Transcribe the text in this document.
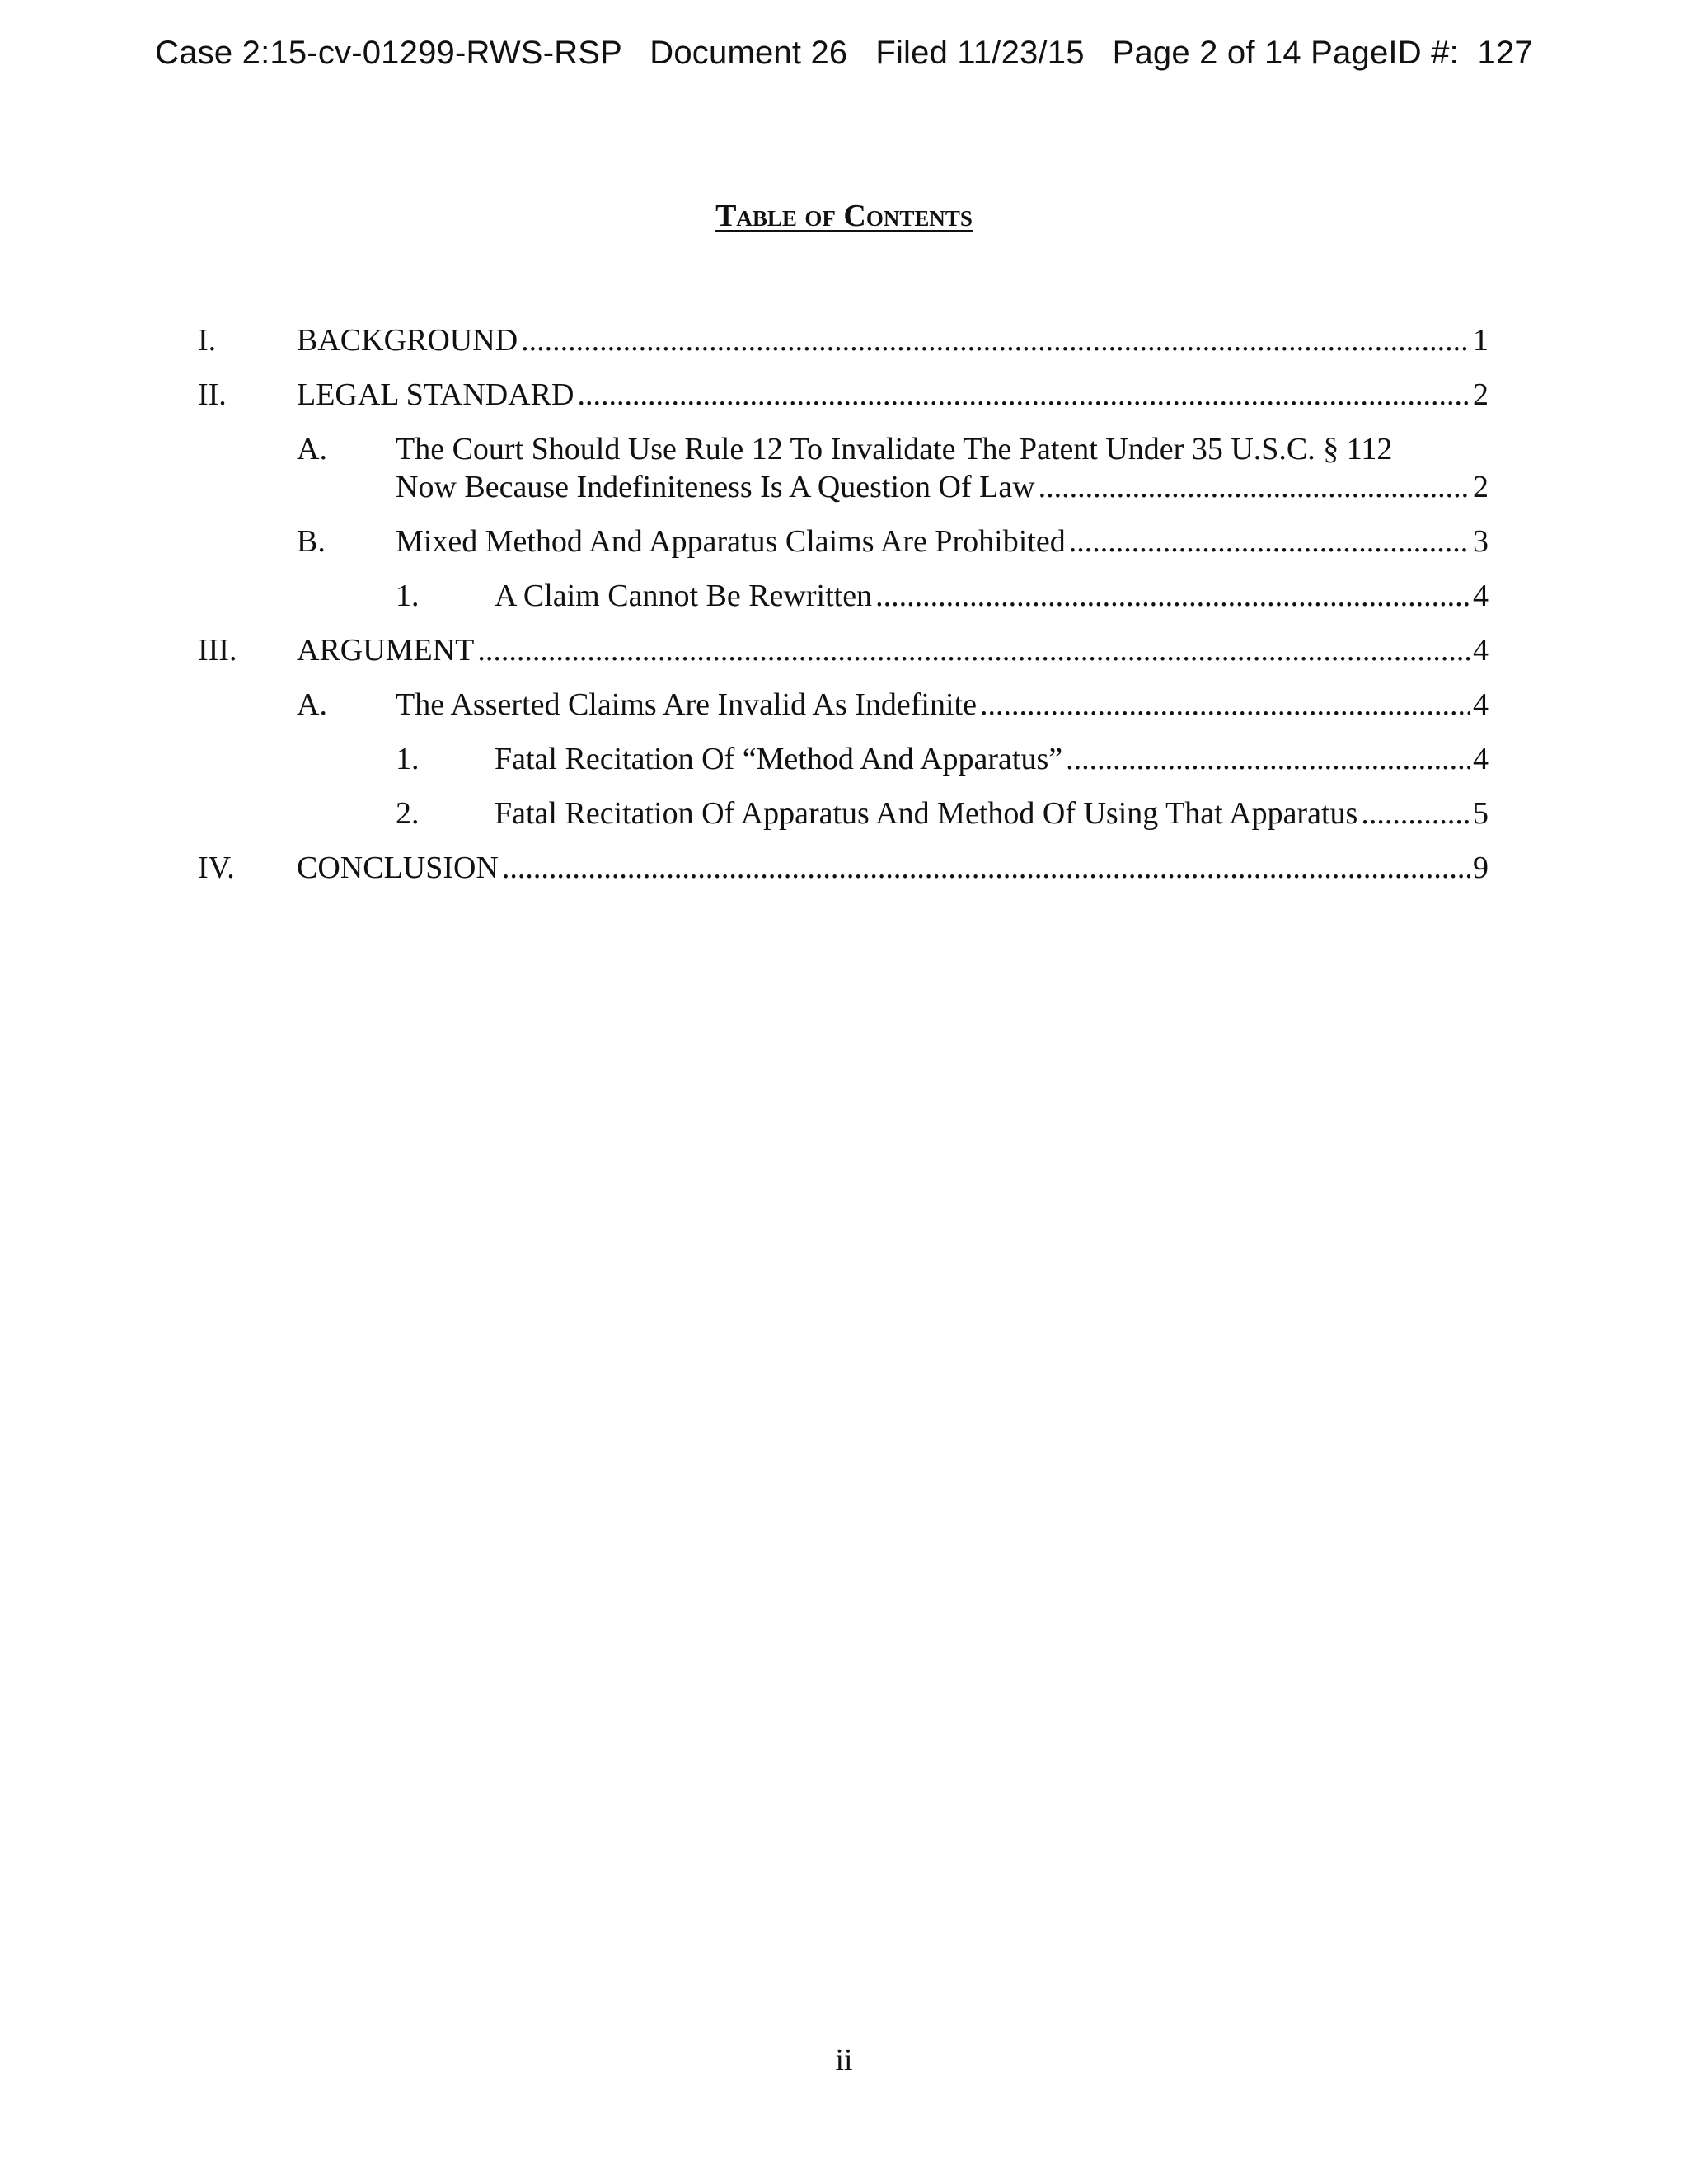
Case 2:15-cv-01299-RWS-RSP   Document 26   Filed 11/23/15   Page 2 of 14 PageID #:  127
Table of Contents
I.	BACKGROUND .....	1
II. LEGAL STANDARD .....	2
A. The Court Should Use Rule 12 To Invalidate The Patent Under 35 U.S.C. § 112
Now Because Indefiniteness Is A Question Of Law .....	2
B. Mixed Method And Apparatus Claims Are Prohibited .....	3
1. A Claim Cannot Be Rewritten .....	4
III. ARGUMENT .....	4
A. The Asserted Claims Are Invalid As Indefinite .....	4
1. Fatal Recitation Of “Method And Apparatus” .....	4
2. Fatal Recitation Of Apparatus And Method Of Using That Apparatus .....	5
IV. CONCLUSION .....	9
ii
